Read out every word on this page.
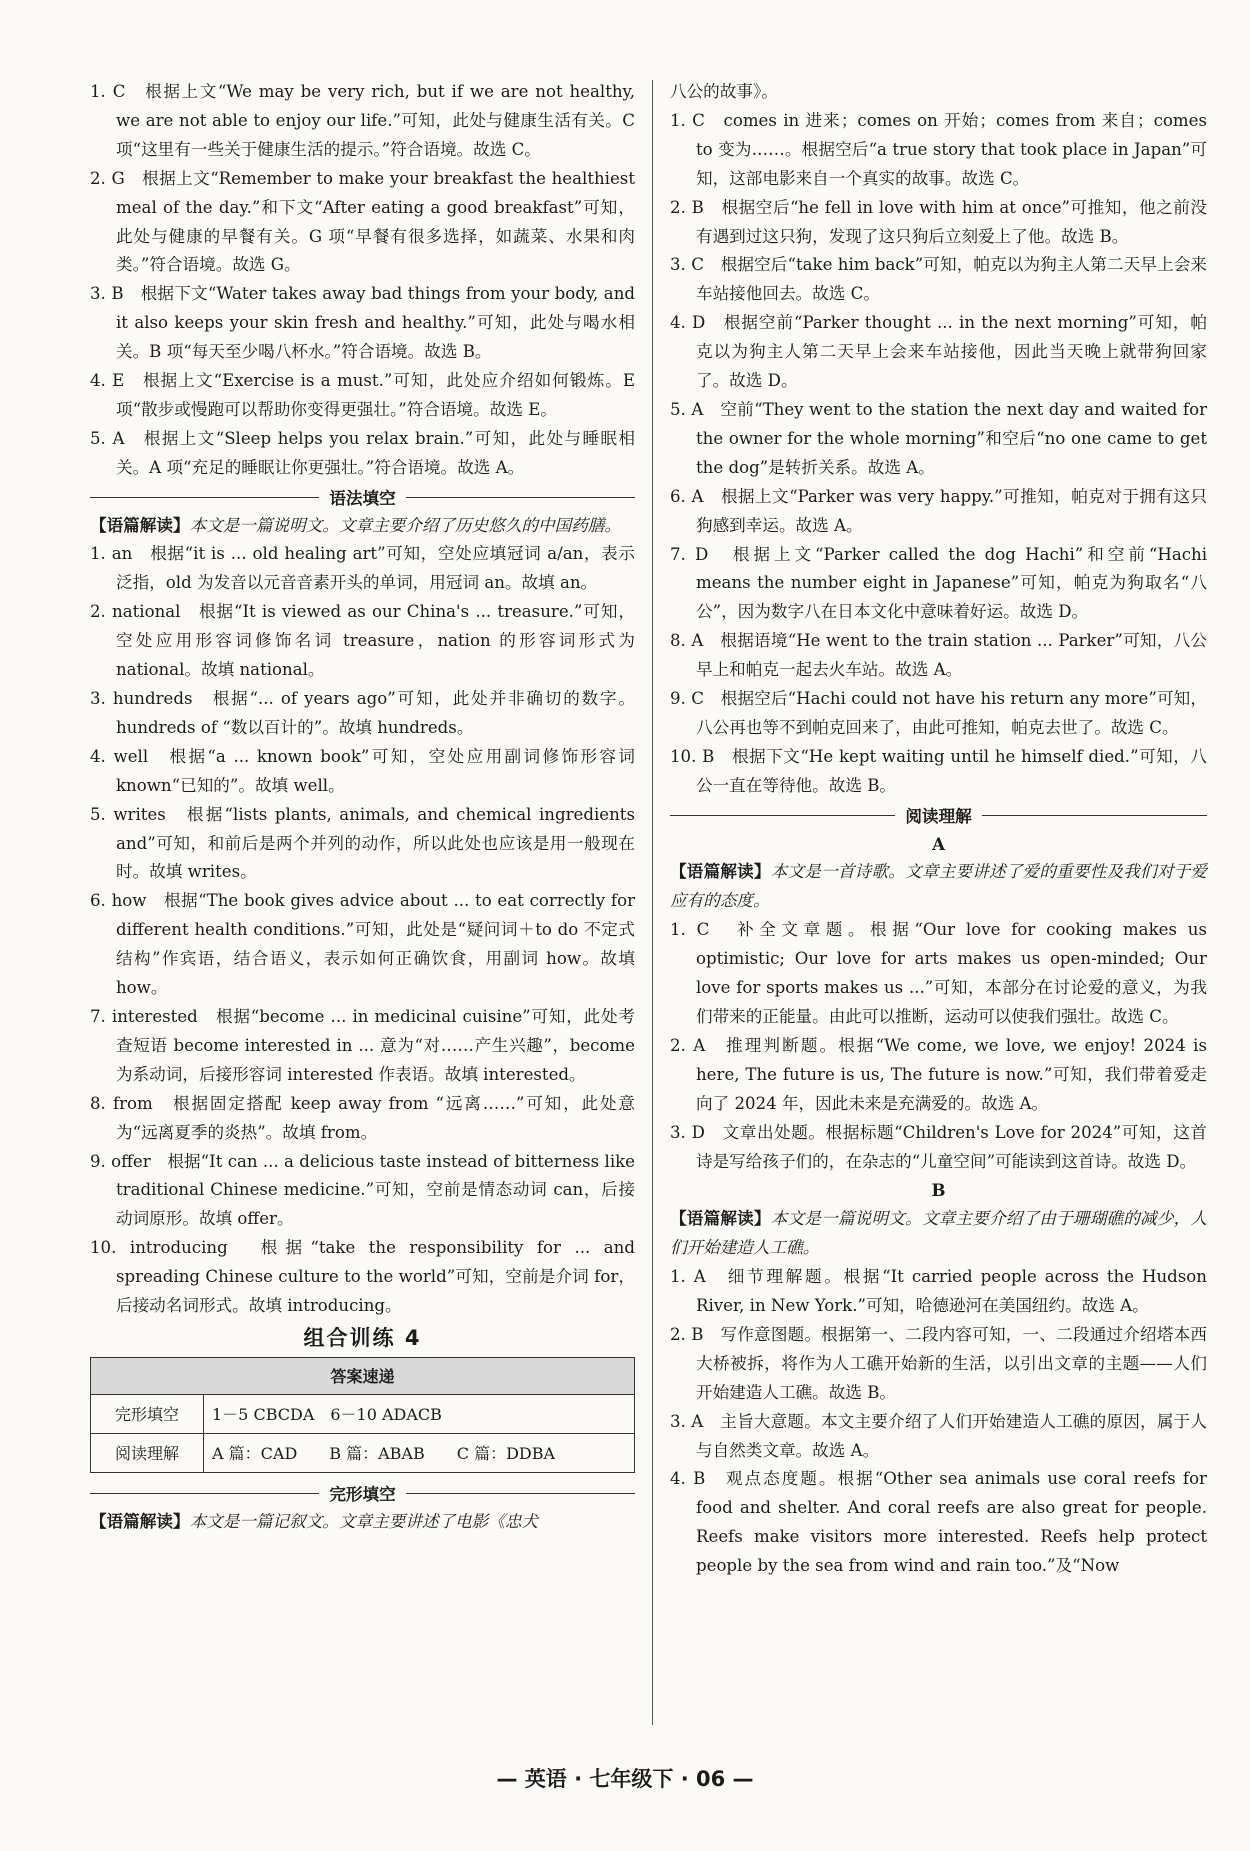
1. C　根据上文“We may be very rich, but if we are not healthy, we are not able to enjoy our life.”可知，此处与健康生活有关。C 项“这里有一些关于健康生活的提示。”符合语境。故选 C。

2. G　根据上文“Remember to make your breakfast the healthiest meal of the day.”和下文“After eating a good breakfast”可知，此处与健康的早餐有关。G 项“早餐有很多选择，如蔬菜、水果和肉类。”符合语境。故选 G。

3. B　根据下文“Water takes away bad things from your body, and it also keeps your skin fresh and healthy.”可知，此处与喝水相关。B 项“每天至少喝八杯水。”符合语境。故选 B。

4. E　根据上文“Exercise is a must.”可知，此处应介绍如何锻炼。E 项“散步或慢跑可以帮助你变得更强壮。”符合语境。故选 E。

5. A　根据上文“Sleep helps you relax brain.”可知，此处与睡眠相关。A 项“充足的睡眠让你更强壮。”符合语境。故选 A。

语法填空

【语篇解读】本文是一篇说明文。文章主要介绍了历史悠久的中国药膳。

1. an　根据“it is ... old healing art”可知，空处应填冠词 a/an，表示泛指，old 为发音以元音音素开头的单词，用冠词 an。故填 an。

2. national　根据“It is viewed as our China's ... treasure.”可知，空处应用形容词修饰名词 treasure，nation 的形容词形式为 national。故填 national。

3. hundreds　根据“... of years ago”可知，此处并非确切的数字。hundreds of “数以百计的”。故填 hundreds。

4. well　根据“a ... known book”可知，空处应用副词修饰形容词 known“已知的”。故填 well。

5. writes　根据“lists plants, animals, and chemical ingredients and”可知，和前后是两个并列的动作，所以此处也应该是用一般现在时。故填 writes。

6. how　根据“The book gives advice about ... to eat correctly for different health conditions.”可知，此处是“疑问词＋to do 不定式结构”作宾语，结合语义，表示如何正确饮食，用副词 how。故填 how。

7. interested　根据“become ... in medicinal cuisine”可知，此处考查短语 become interested in ... 意为“对……产生兴趣”，become 为系动词，后接形容词 interested 作表语。故填 interested。

8. from　根据固定搭配 keep away from “远离……”可知，此处意为“远离夏季的炎热”。故填 from。

9. offer　根据“It can ... a delicious taste instead of bitterness like traditional Chinese medicine.”可知，空前是情态动词 can，后接动词原形。故填 offer。

10. introducing　根据“take the responsibility for ... and spreading Chinese culture to the world”可知，空前是介词 for，后接动名词形式。故填 introducing。

组合训练 4
答案速递	
完形填空	1－5 CBCDA　6－10 ADACB
阅读理解	A 篇：CAD　　B 篇：ABAB　　C 篇：DDBA
完形填空

【语篇解读】本文是一篇记叙文。文章主要讲述了电影《忠犬

八公的故事》。

1. C　comes in 进来；comes on 开始；comes from 来自；comes to 变为……。根据空后“a true story that took place in Japan”可知，这部电影来自一个真实的故事。故选 C。

2. B　根据空后“he fell in love with him at once”可推知，他之前没有遇到过这只狗，发现了这只狗后立刻爱上了他。故选 B。

3. C　根据空后“take him back”可知，帕克以为狗主人第二天早上会来车站接他回去。故选 C。

4. D　根据空前“Parker thought ... in the next morning”可知，帕克以为狗主人第二天早上会来车站接他，因此当天晚上就带狗回家了。故选 D。

5. A　空前“They went to the station the next day and waited for the owner for the whole morning”和空后“no one came to get the dog”是转折关系。故选 A。

6. A　根据上文“Parker was very happy.”可推知，帕克对于拥有这只狗感到幸运。故选 A。

7. D　根据上文“Parker called the dog Hachi”和空前“Hachi means the number eight in Japanese”可知，帕克为狗取名“八公”，因为数字八在日本文化中意味着好运。故选 D。

8. A　根据语境“He went to the train station ... Parker”可知，八公早上和帕克一起去火车站。故选 A。

9. C　根据空后“Hachi could not have his return any more”可知，八公再也等不到帕克回来了，由此可推知，帕克去世了。故选 C。

10. B　根据下文“He kept waiting until he himself died.”可知，八公一直在等待他。故选 B。

阅读理解
A

【语篇解读】本文是一首诗歌。文章主要讲述了爱的重要性及我们对于爱应有的态度。

1. C　补全文章题。根据“Our love for cooking makes us optimistic; Our love for arts makes us open-minded; Our love for sports makes us ...”可知，本部分在讨论爱的意义，为我们带来的正能量。由此可以推断，运动可以使我们强壮。故选 C。

2. A　推理判断题。根据“We come, we love, we enjoy! 2024 is here, The future is us, The future is now.”可知，我们带着爱走向了 2024 年，因此未来是充满爱的。故选 A。

3. D　文章出处题。根据标题“Children's Love for 2024”可知，这首诗是写给孩子们的，在杂志的“儿童空间”可能读到这首诗。故选 D。

B

【语篇解读】本文是一篇说明文。文章主要介绍了由于珊瑚礁的减少，人们开始建造人工礁。

1. A　细节理解题。根据“It carried people across the Hudson River, in New York.”可知，哈德逊河在美国纽约。故选 A。

2. B　写作意图题。根据第一、二段内容可知，一、二段通过介绍塔本西大桥被拆，将作为人工礁开始新的生活，以引出文章的主题——人们开始建造人工礁。故选 B。

3. A　主旨大意题。本文主要介绍了人们开始建造人工礁的原因，属于人与自然类文章。故选 A。

4. B　观点态度题。根据“Other sea animals use coral reefs for food and shelter. And coral reefs are also great for people. Reefs make visitors more interested. Reefs help protect people by the sea from wind and rain too.”及“Now

— 英语 · 七年级下 · 06 —
